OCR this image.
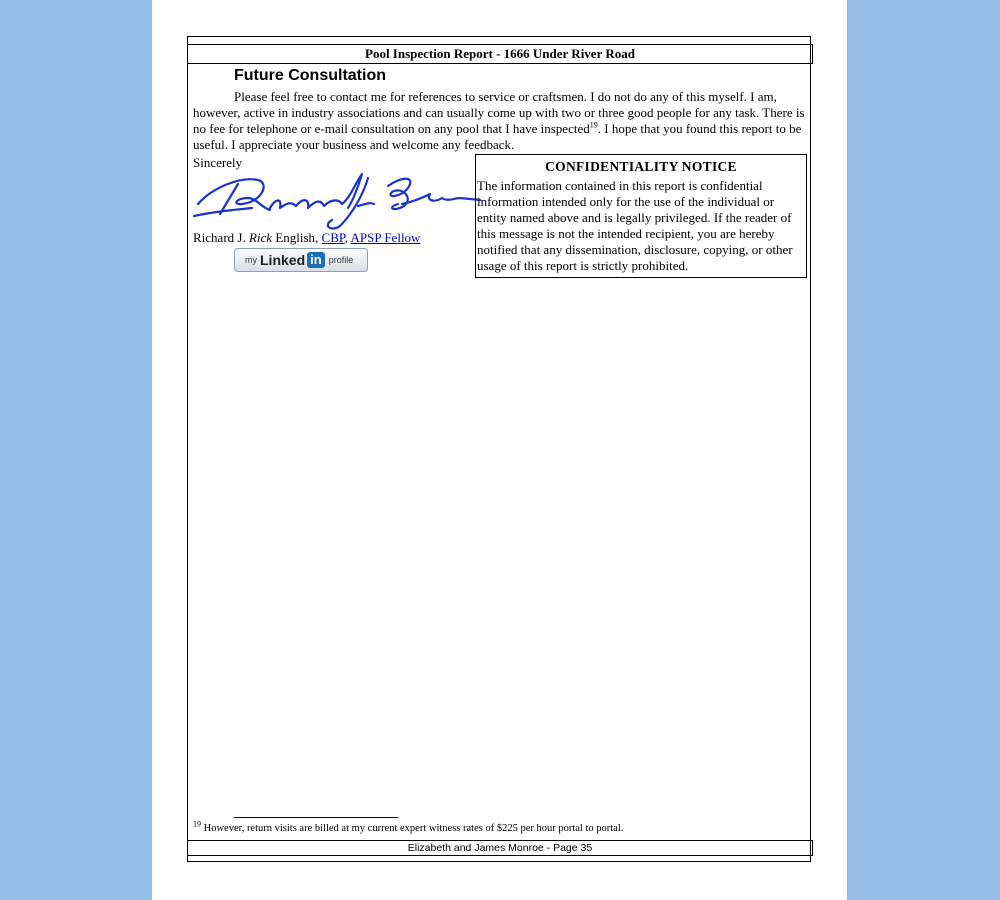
Pool Inspection Report - 1666 Under River Road
Future Consultation
Please feel free to contact me for references to service or craftsmen. I do not do any of this myself. I am, however, active in industry associations and can usually come up with two or three good people for any task. There is no fee for telephone or e-mail consultation on any pool that I have inspected$^{19}$. I hope that you found this report to be useful. I appreciate your business and welcome any feedback.
Sincerely
Richard J. Rick English, CBP, APSP Fellow
my Linked in profile
CONFIDENTIALITY NOTICE
The information contained in this report is confidential information intended only for the use of the individual or entity named above and is legally privileged. If the reader of this message is not the intended recipient, you are hereby notified that any dissemination, disclosure, copying, or other usage of this report is strictly prohibited.
$^{19}$ However, return visits are billed at my current expert witness rates of $225 per hour portal to portal.
Elizabeth and James Monroe - Page 35
